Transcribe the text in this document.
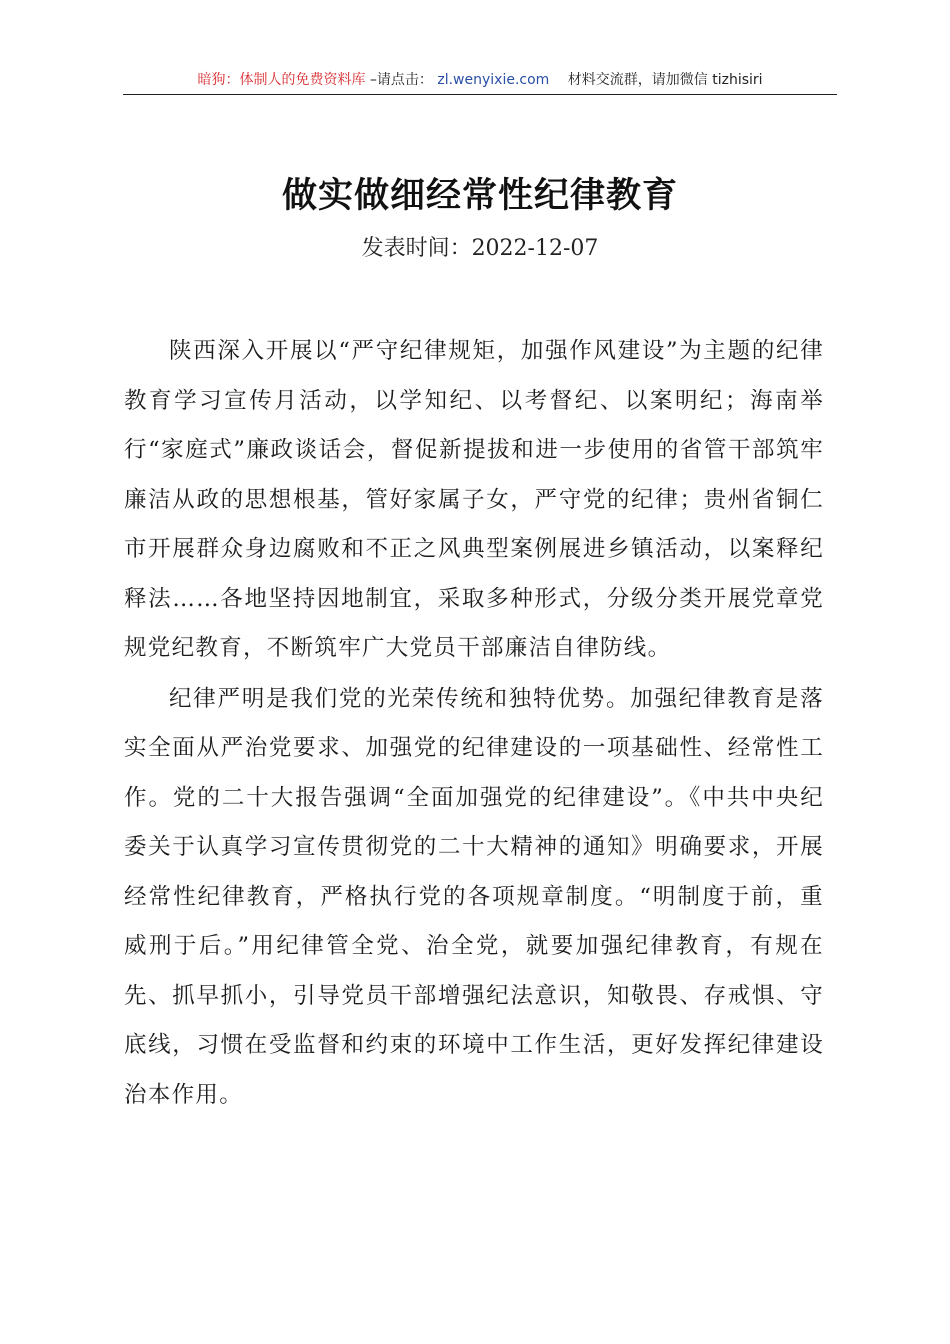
暗狗：体制人的免费资料库 –请点击： zl.wenyixie.com 材料交流群，请加微信 tizhisiri
做实做细经常性纪律教育
发表时间：2022-12-07

陕西深入开展以“严守纪律规矩，加强作风建设”为主题的纪律教育学习宣传月活动，以学知纪、以考督纪、以案明纪；海南举行“家庭式”廉政谈话会，督促新提拔和进一步使用的省管干部筑牢廉洁从政的思想根基，管好家属子女，严守党的纪律；贵州省铜仁市开展群众身边腐败和不正之风典型案例展进乡镇活动，以案释纪释法……各地坚持因地制宜，采取多种形式，分级分类开展党章党规党纪教育，不断筑牢广大党员干部廉洁自律防线。

纪律严明是我们党的光荣传统和独特优势。加强纪律教育是落实全面从严治党要求、加强党的纪律建设的一项基础性、经常性工作。党的二十大报告强调“全面加强党的纪律建设”。《中共中央纪委关于认真学习宣传贯彻党的二十大精神的通知》明确要求，开展经常性纪律教育，严格执行党的各项规章制度。“明制度于前，重威刑于后。”用纪律管全党、治全党，就要加强纪律教育，有规在先、抓早抓小，引导党员干部增强纪法意识，知敬畏、存戒惧、守底线，习惯在受监督和约束的环境中工作生活，更好发挥纪律建设治本作用。
